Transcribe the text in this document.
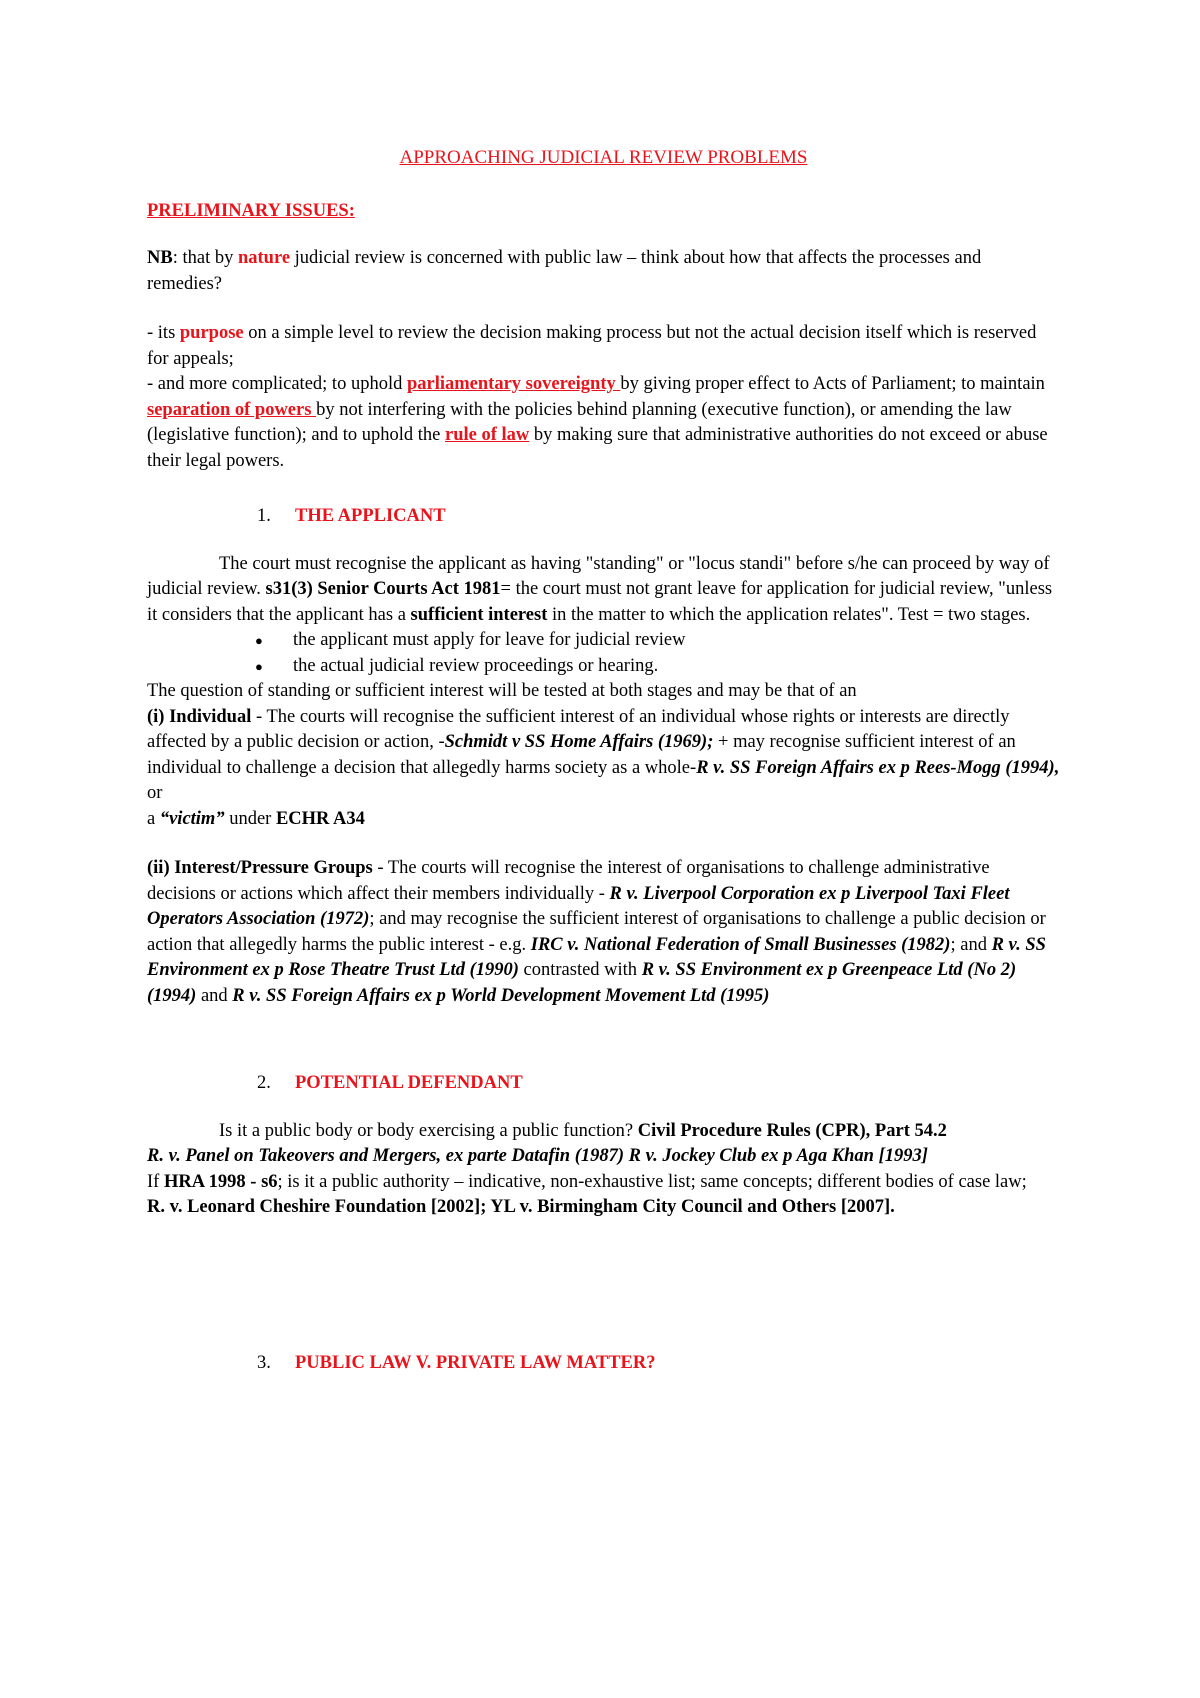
APPROACHING JUDICIAL REVIEW PROBLEMS
PRELIMINARY ISSUES:

NB: that by nature judicial review is concerned with public law – think about how that affects the processes and remedies?

- its purpose on a simple level to review the decision making process but not the actual decision itself which is reserved for appeals;

- and more complicated; to uphold parliamentary sovereignty by giving proper effect to Acts of Parliament; to maintain separation of powers by not interfering with the policies behind planning (executive function), or amending the law (legislative function); and to uphold the rule of law by making sure that administrative authorities do not exceed or abuse their legal powers.

1.	THE APPLICANT

The court must recognise the applicant as having "standing" or "locus standi" before s/he can proceed by way of judicial review. s31(3) Senior Courts Act 1981= the court must not grant leave for application for judicial review, "unless it considers that the applicant has a sufficient interest in the matter to which the application relates". Test = two stages.

● the applicant must apply for leave for judicial review
● the actual judicial review proceedings or hearing.

The question of standing or sufficient interest will be tested at both stages and may be that of an

(i) Individual - The courts will recognise the sufficient interest of an individual whose rights or interests are directly affected by a public decision or action, -Schmidt v SS Home Affairs (1969); + may recognise sufficient interest of an individual to challenge a decision that allegedly harms society as a whole-R v. SS Foreign Affairs ex p Rees-Mogg (1994), or

a “victim” under ECHR A34

(ii) Interest/Pressure Groups - The courts will recognise the interest of organisations to challenge administrative decisions or actions which affect their members individually - R v. Liverpool Corporation ex p Liverpool Taxi Fleet Operators Association (1972); and may recognise the sufficient interest of organisations to challenge a public decision or action that allegedly harms the public interest - e.g. IRC v. National Federation of Small Businesses (1982); and R v. SS Environment ex p Rose Theatre Trust Ltd (1990) contrasted with R v. SS Environment ex p Greenpeace Ltd (No 2) (1994) and R v. SS Foreign Affairs ex p World Development Movement Ltd (1995)

2.	POTENTIAL DEFENDANT

Is it a public body or body exercising a public function? Civil Procedure Rules (CPR), Part 54.2

R. v. Panel on Takeovers and Mergers, ex parte Datafin (1987) R v. Jockey Club ex p Aga Khan [1993]

If HRA 1998 - s6; is it a public authority – indicative, non-exhaustive list; same concepts; different bodies of case law;

R. v. Leonard Cheshire Foundation [2002]; YL v. Birmingham City Council and Others [2007].

3.	PUBLIC LAW V. PRIVATE LAW MATTER?
